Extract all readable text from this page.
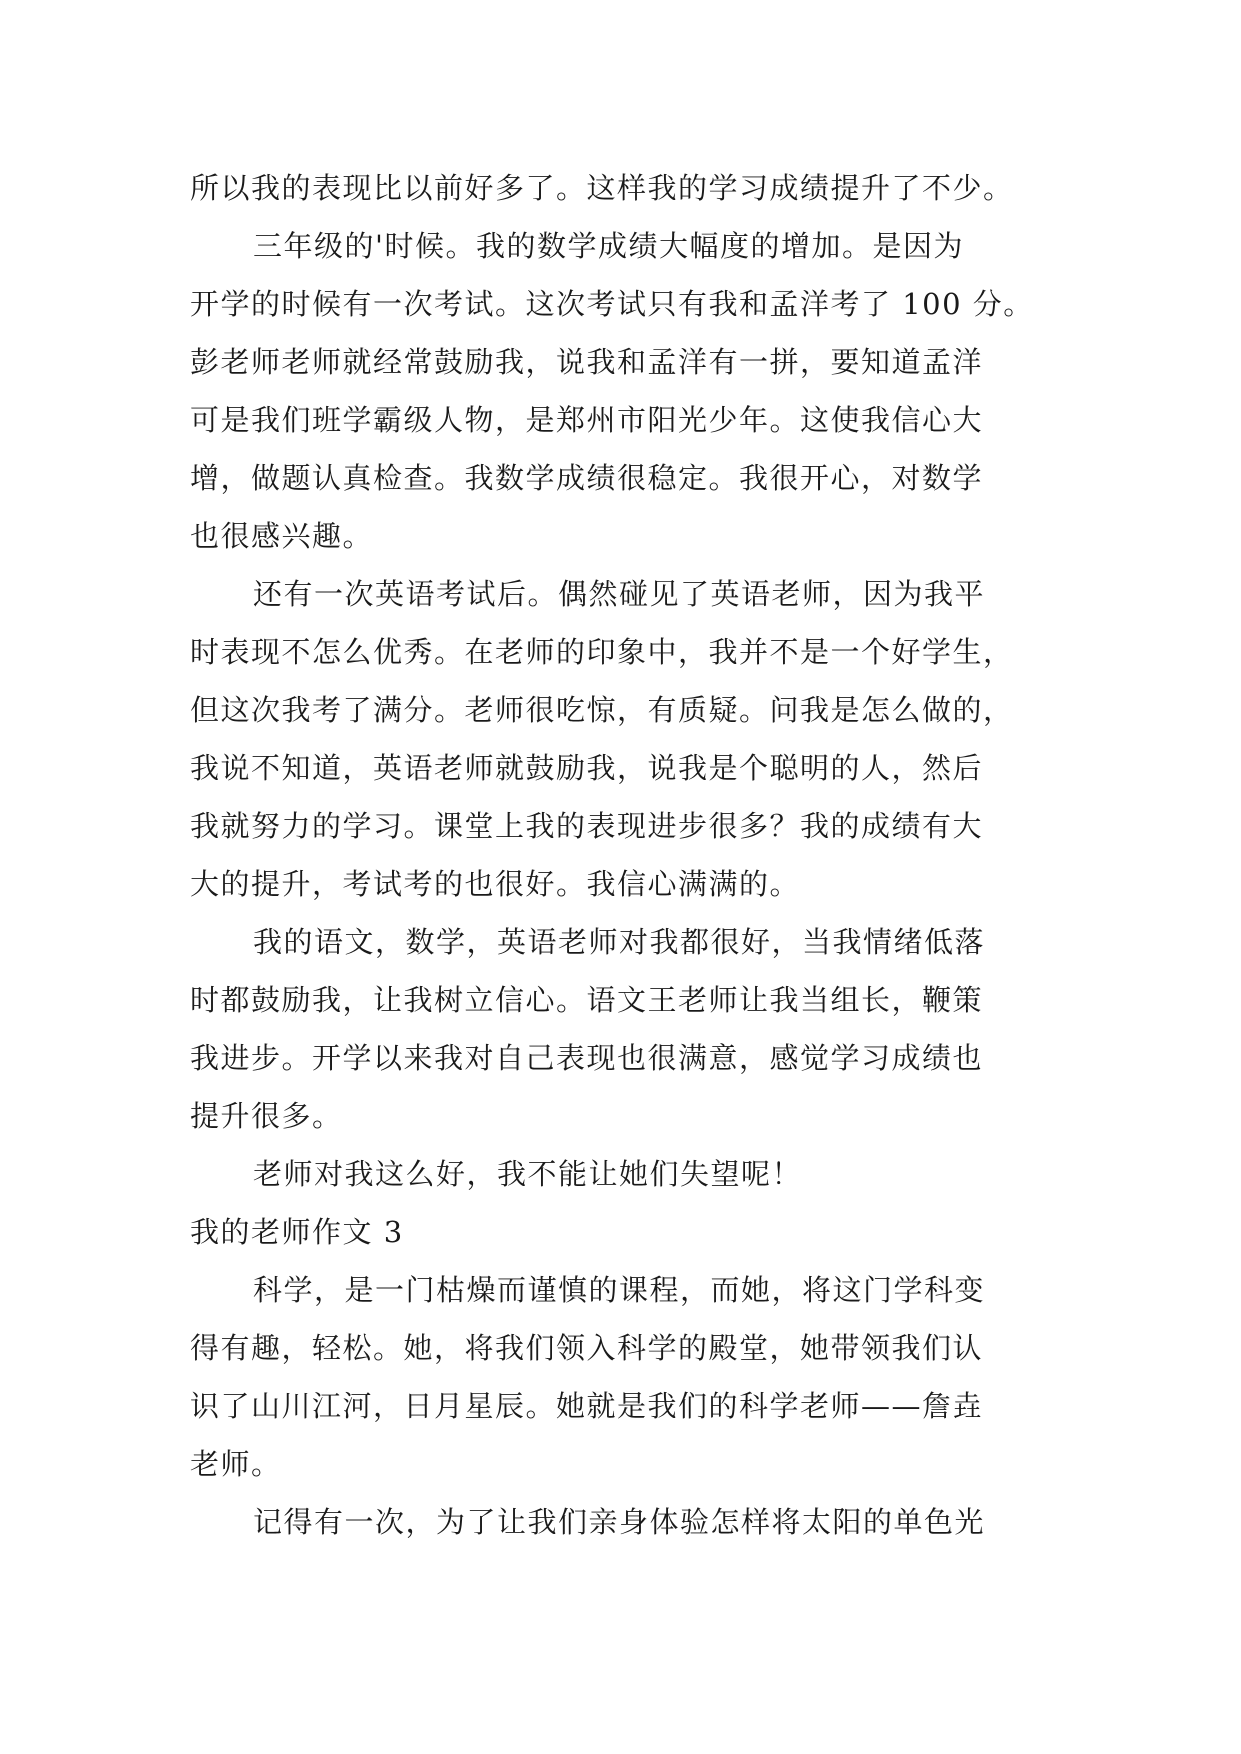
所以我的表现比以前好多了。这样我的学习成绩提升了不少。
三年级的'时候。我的数学成绩大幅度的增加。是因为
开学的时候有一次考试。这次考试只有我和孟洋考了 100 分。
彭老师老师就经常鼓励我，说我和孟洋有一拼，要知道孟洋
可是我们班学霸级人物，是郑州市阳光少年。这使我信心大
增，做题认真检查。我数学成绩很稳定。我很开心，对数学
也很感兴趣。
还有一次英语考试后。偶然碰见了英语老师，因为我平
时表现不怎么优秀。在老师的印象中，我并不是一个好学生，
但这次我考了满分。老师很吃惊，有质疑。问我是怎么做的，
我说不知道，英语老师就鼓励我，说我是个聪明的人，然后
我就努力的学习。课堂上我的表现进步很多？我的成绩有大
大的提升，考试考的也很好。我信心满满的。
我的语文，数学，英语老师对我都很好，当我情绪低落
时都鼓励我，让我树立信心。语文王老师让我当组长，鞭策
我进步。开学以来我对自己表现也很满意，感觉学习成绩也
提升很多。
老师对我这么好，我不能让她们失望呢！
我的老师作文 3
科学，是一门枯燥而谨慎的课程，而她，将这门学科变
得有趣，轻松。她，将我们领入科学的殿堂，她带领我们认
识了山川江河，日月星辰。她就是我们的科学老师——詹垚
老师。
记得有一次，为了让我们亲身体验怎样将太阳的单色光
